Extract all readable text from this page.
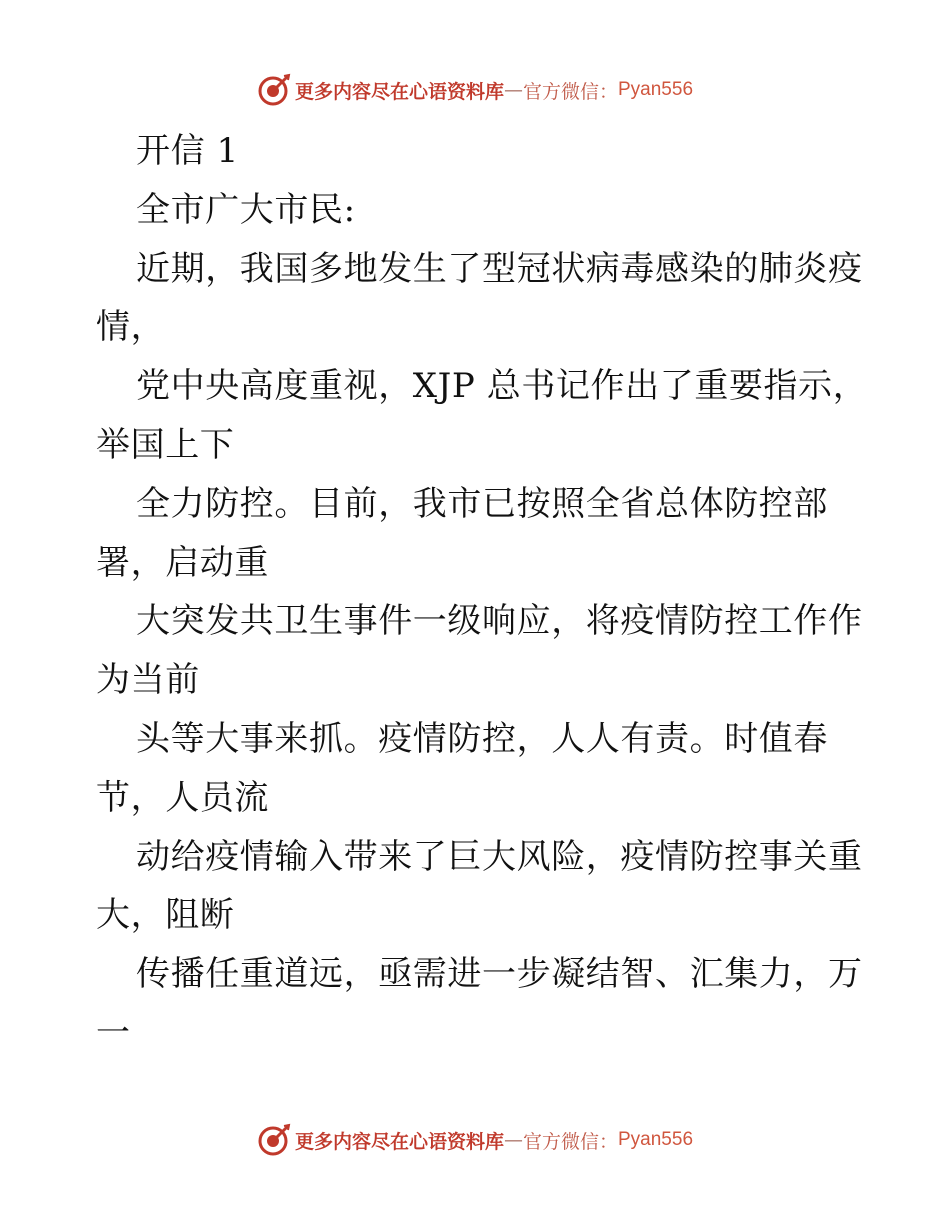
更多内容尽在心语资料库 — 官方微信： Pyan556
开信 1
全市广大市民:
近期，我国多地发生了型冠状病毒感染的肺炎疫
情，
党中央高度重视，XJP 总书记作出了重要指示，
举国上下
全力防控。目前，我市已按照全省总体防控部
署，启动重
大突发共卫生事件一级响应，将疫情防控工作作
为当前
头等大事来抓。疫情防控，人人有责。时值春
节，人员流
动给疫情输入带来了巨大风险，疫情防控事关重
大，阻断
传播任重道远，亟需进一步凝结智、汇集力，万
一
更多内容尽在心语资料库 — 官方微信： Pyan556
